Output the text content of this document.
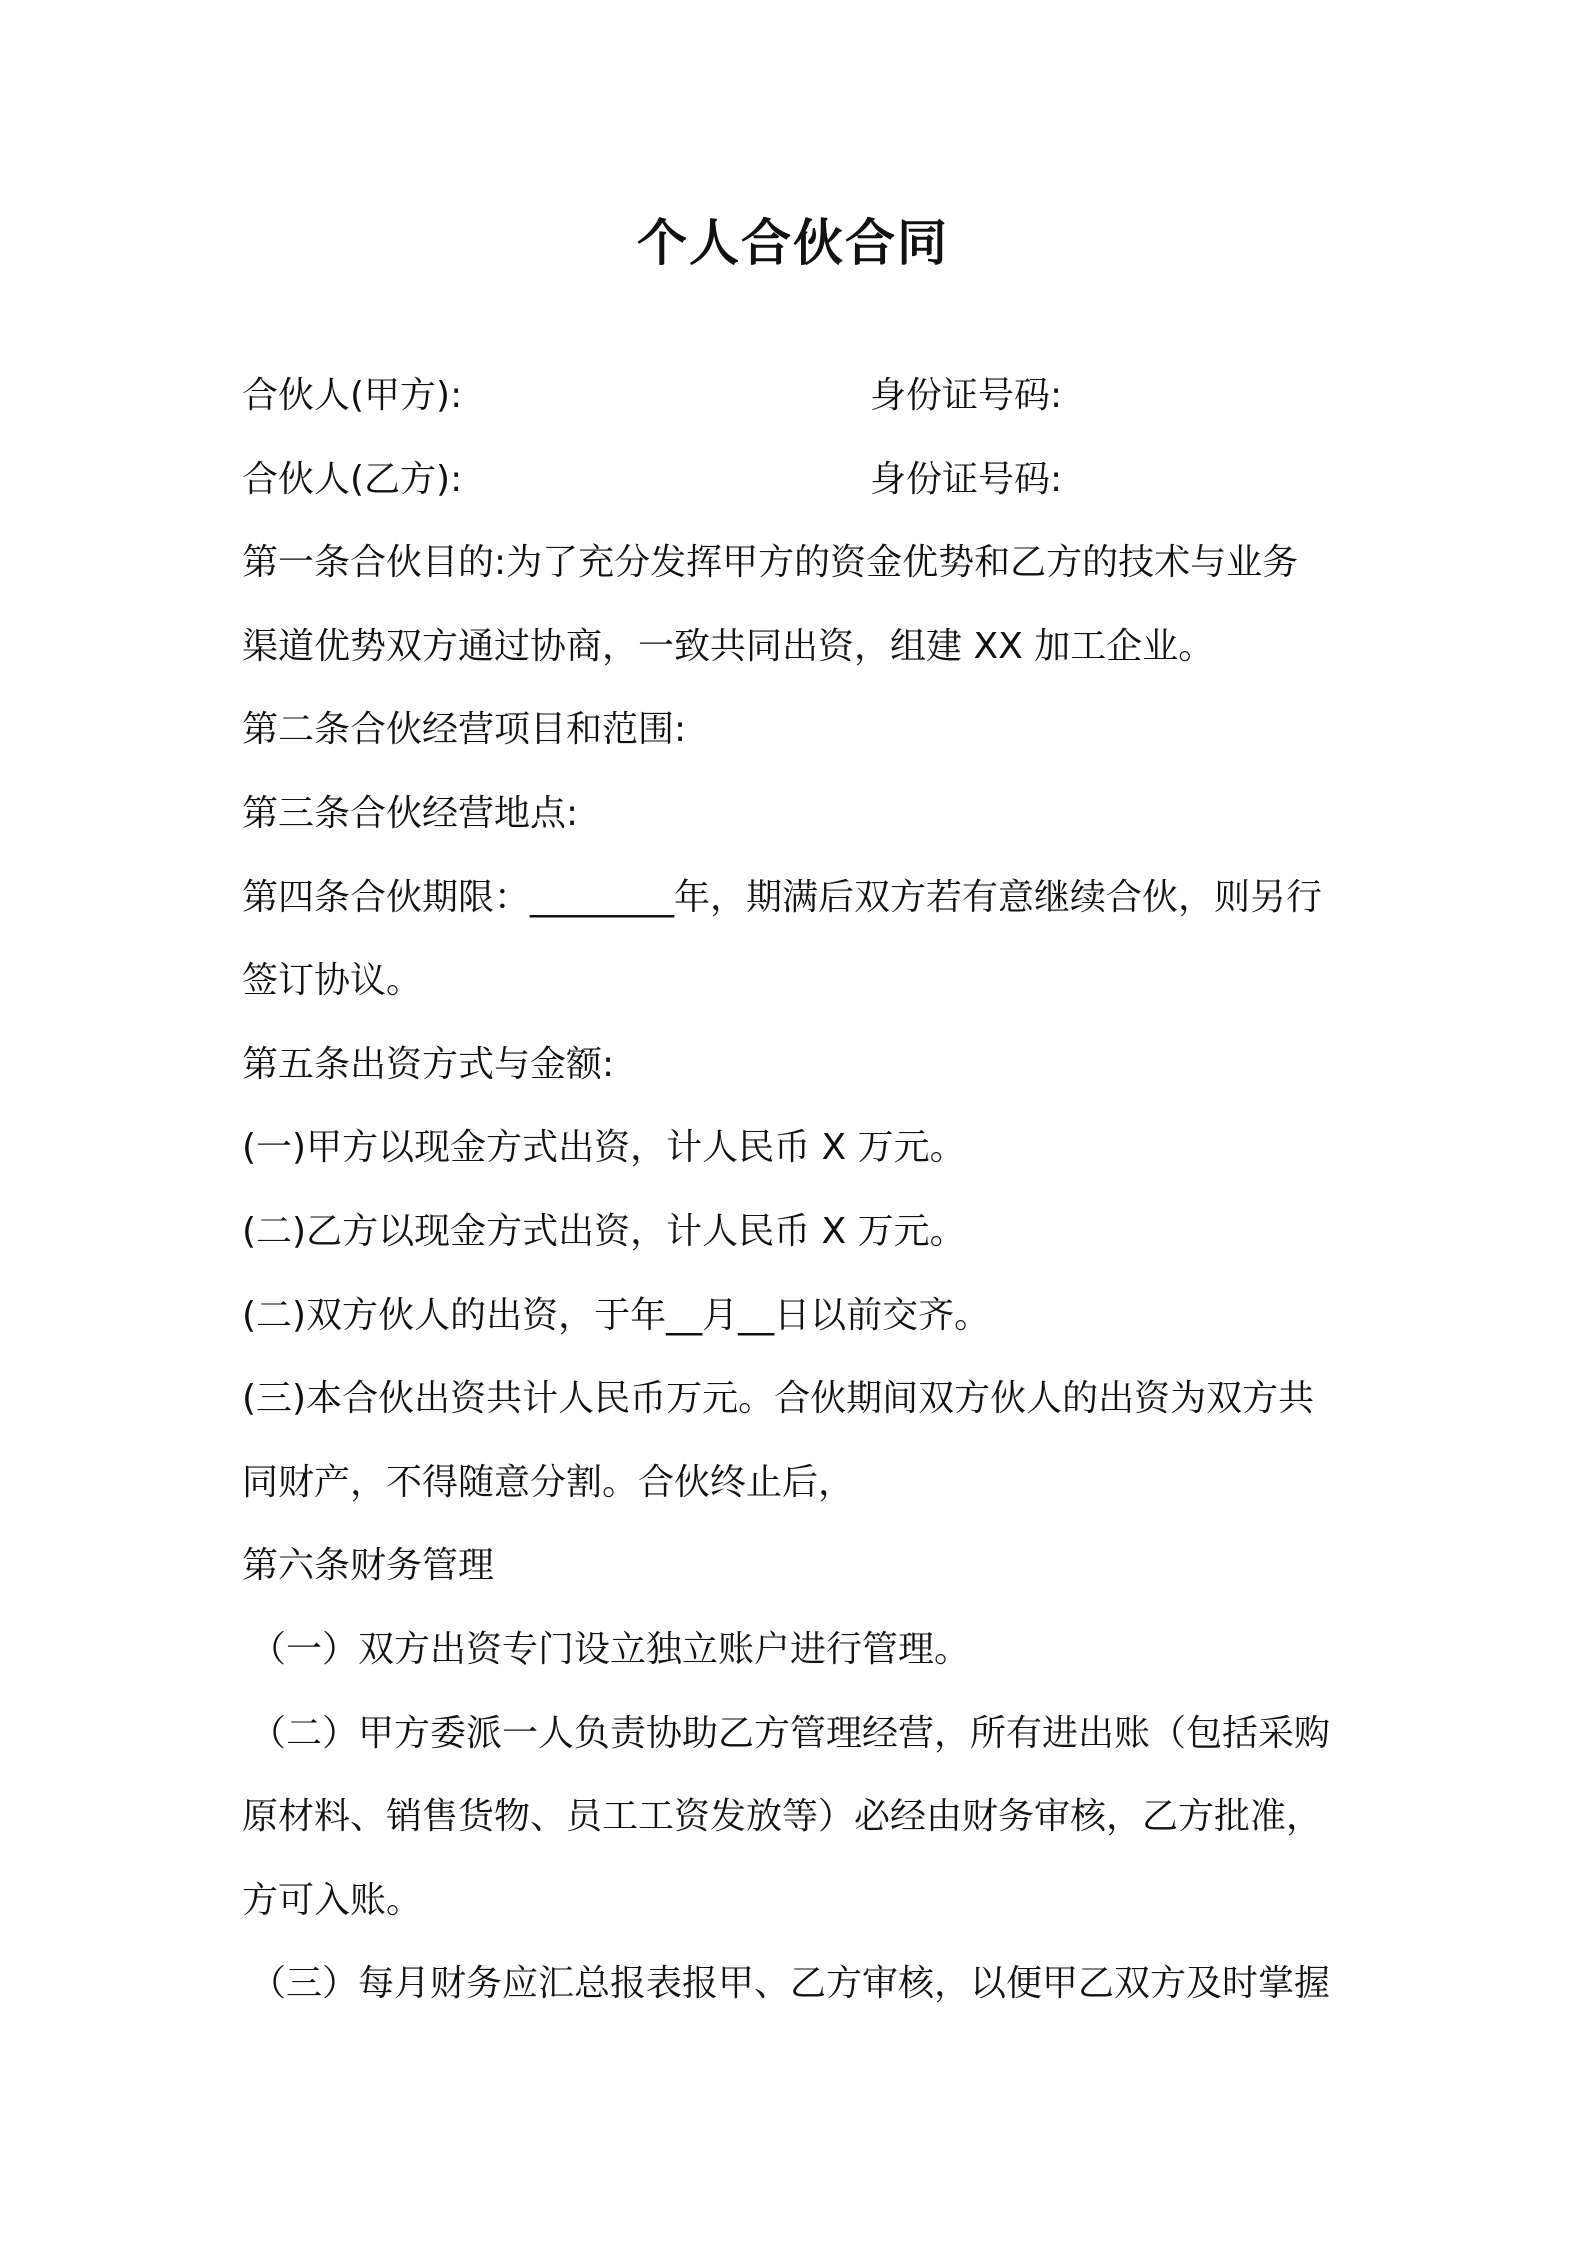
个人合伙合同
合伙人(甲方):	身份证号码:
合伙人(乙方):	身份证号码:
第一条合伙目的:为了充分发挥甲方的资金优势和乙方的技术与业务
渠道优势双方通过协商，一致共同出资，组建 XX 加工企业。
第二条合伙经营项目和范围:
第三条合伙经营地点:
第四条合伙期限：________年，期满后双方若有意继续合伙，则另行
签订协议。
第五条出资方式与金额:
(一)甲方以现金方式出资，计人民币 X 万元。
(二)乙方以现金方式出资，计人民币 X 万元。
(二)双方伙人的出资，于年__月__日以前交齐。
(三)本合伙出资共计人民币万元。合伙期间双方伙人的出资为双方共
同财产，不得随意分割。合伙终止后，
第六条财务管理
（一）双方出资专门设立独立账户进行管理。
（二）甲方委派一人负责协助乙方管理经营，所有进出账（包括采购
原材料、销售货物、员工工资发放等）必经由财务审核，乙方批准，
方可入账。
（三）每月财务应汇总报表报甲、乙方审核，以便甲乙双方及时掌握
